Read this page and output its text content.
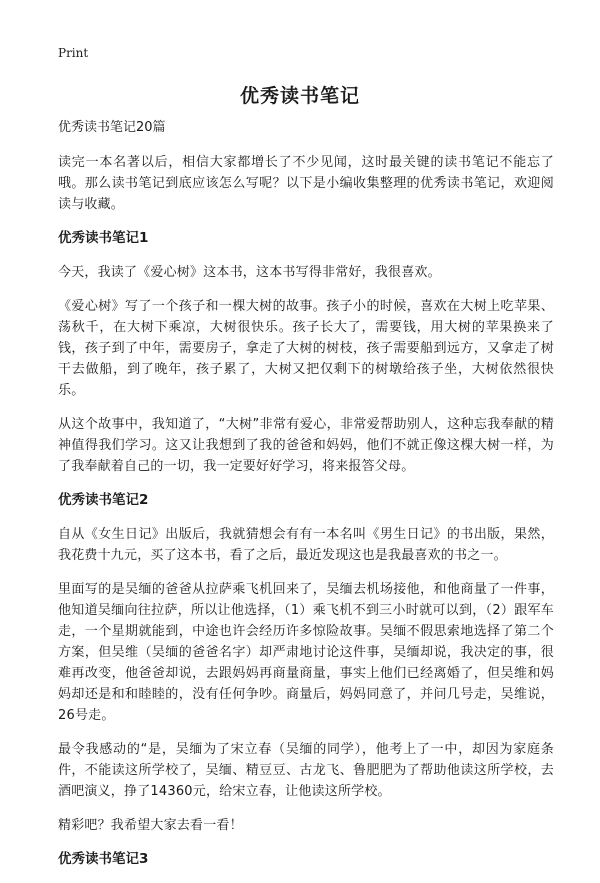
Print
优秀读书笔记
优秀读书笔记20篇

读完一本名著以后，相信大家都增长了不少见闻，这时最关键的读书笔记不能忘了哦。那么读书笔记到底应该怎么写呢？以下是小编收集整理的优秀读书笔记，欢迎阅读与收藏。

优秀读书笔记1

今天，我读了《爱心树》这本书，这本书写得非常好，我很喜欢。

《爱心树》写了一个孩子和一棵大树的故事。孩子小的时候，喜欢在大树上吃苹果、荡秋千，在大树下乘凉，大树很快乐。孩子长大了，需要钱，用大树的苹果换来了钱，孩子到了中年，需要房子，拿走了大树的树枝，孩子需要船到远方，又拿走了树干去做船，到了晚年，孩子累了，大树又把仅剩下的树墩给孩子坐，大树依然很快乐。

从这个故事中，我知道了，“大树”非常有爱心，非常爱帮助别人，这种忘我奉献的精神值得我们学习。这又让我想到了我的爸爸和妈妈，他们不就正像这棵大树一样，为了我奉献着自己的一切，我一定要好好学习，将来报答父母。

优秀读书笔记2

自从《女生日记》出版后，我就猜想会有有一本名叫《男生日记》的书出版，果然，我花费十九元，买了这本书，看了之后，最近发现这也是我最喜欢的书之一。

里面写的是吴缅的爸爸从拉萨乘飞机回来了，吴缅去机场接他，和他商量了一件事，他知道吴缅向往拉萨，所以让他选择，（1）乘飞机不到三小时就可以到，（2）跟军车走，一个星期就能到，中途也许会经历许多惊险故事。吴缅不假思索地选择了第二个方案，但吴维（吴缅的爸爸名字）却严肃地讨论这件事，吴缅却说，我决定的事，很难再改变，他爸爸却说，去跟妈妈再商量商量，事实上他们已经离婚了，但吴维和妈妈却还是和和睦睦的，没有任何争吵。商量后，妈妈同意了，并问几号走，吴维说，26号走。

最令我感动的“是，吴缅为了宋立春（吴缅的同学），他考上了一中，却因为家庭条件，不能读这所学校了，吴缅、精豆豆、古龙飞、鲁肥肥为了帮助他读这所学校，去酒吧演义，挣了14360元，给宋立春，让他读这所学校。

精彩吧？我希望大家去看一看！

优秀读书笔记3
